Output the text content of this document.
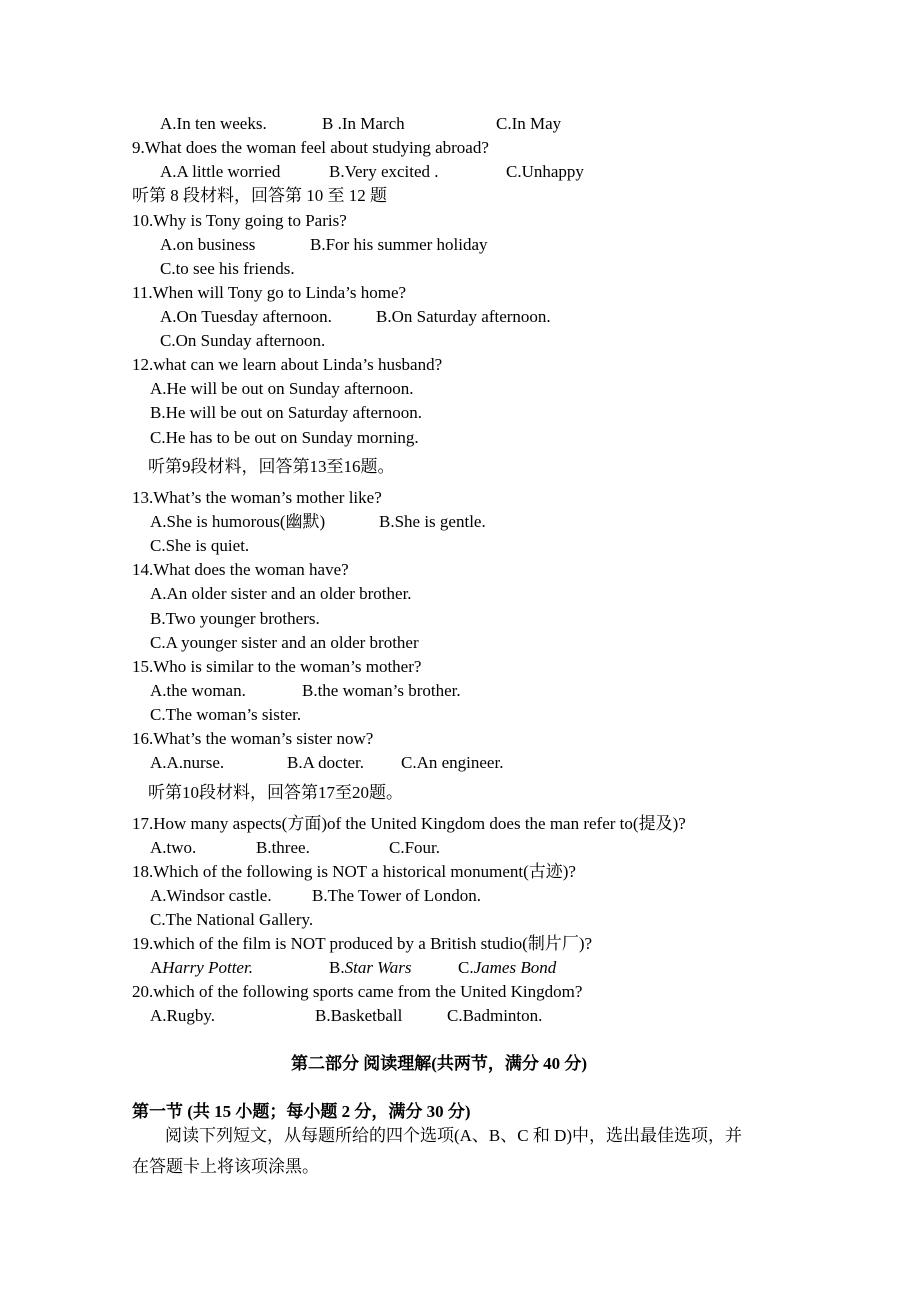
A.In ten weeks.	B .In March	C.In May
9.What does the woman feel about studying abroad?
A.A little worried	B.Very excited .	C.Unhappy
听第 8 段材料，回答第 10 至 12 题
10.Why is Tony going to Paris?
A.on business	B.For his summer holiday
C.to see his friends.
11.When will Tony go to Linda’s home?
A.On Tuesday afternoon.	B.On Saturday afternoon.
C.On Sunday afternoon.
12.what can we learn about Linda’s husband?
A.He will be out on Sunday afternoon.
B.He will be out on Saturday afternoon.
C.He has to be out on Sunday morning.
听第9段材料，回答第13至16题。
13.What’s the woman’s mother like?
A.She is humorous(幽默)	B.She is gentle.
C.She is quiet.
14.What does the woman have?
A.An older sister and an older brother.
B.Two younger brothers.
C.A younger sister and an older brother
15.Who is similar to the woman’s mother?
A.the woman.	B.the woman’s brother.
C.The woman’s sister.
16.What’s the woman’s sister now?
A.A.nurse.	B.A docter. C.An engineer.
听第10段材料，回答第17至20题。
17.How many aspects(方面)of the United Kingdom does the man refer to(提及)?
A.two.	B.three.	C.Four.
18.Which of the following is NOT a historical monument(古迹)?
A.Windsor castle. B.The Tower of London.
C.The National Gallery.
19.which of the film is NOT produced by a British studio(制片厂)?
AHarry Potter.	B.Star Wars	C.James Bond
20.which of the following sports came from the United Kingdom?
A.Rugby.	B.Basketball	C.Badminton.
第二部分 阅读理解(共两节，满分 40 分)
第一节 (共 15 小题；每小题 2 分，满分 30 分)
阅读下列短文，从每题所给的四个选项(A、B、C 和 D)中，选出最佳选项，并
在答题卡上将该项涂黑。
